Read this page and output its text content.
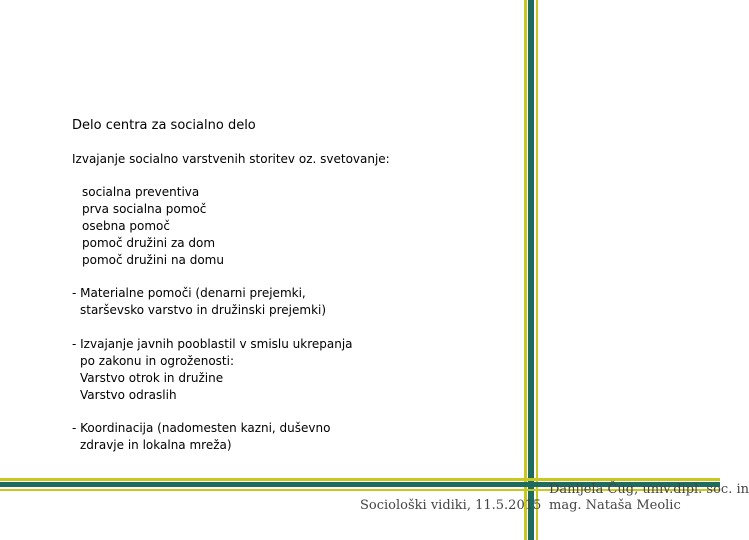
Delo centra za socialno delo
Izvajanje socialno varstvenih storitev oz. svetovanje:
socialna preventiva
prva socialna pomoč
osebna pomoč
pomoč družini za dom
pomoč družini na domu
- Materialne pomoči (denarni prejemki,
starševsko varstvo in družinski prejemki)
- Izvajanje javnih pooblastil v smislu ukrepanja
po zakonu in ogroženosti:
Varstvo otrok in družine
Varstvo odraslih
- Koordinacija (nadomesten kazni, duševno
zdravje in lokalna mreža)
Sociološki vidiki, 11.5.2015
Danijela Čug, univ.dipl. soc. in
mag. Nataša Meolic
